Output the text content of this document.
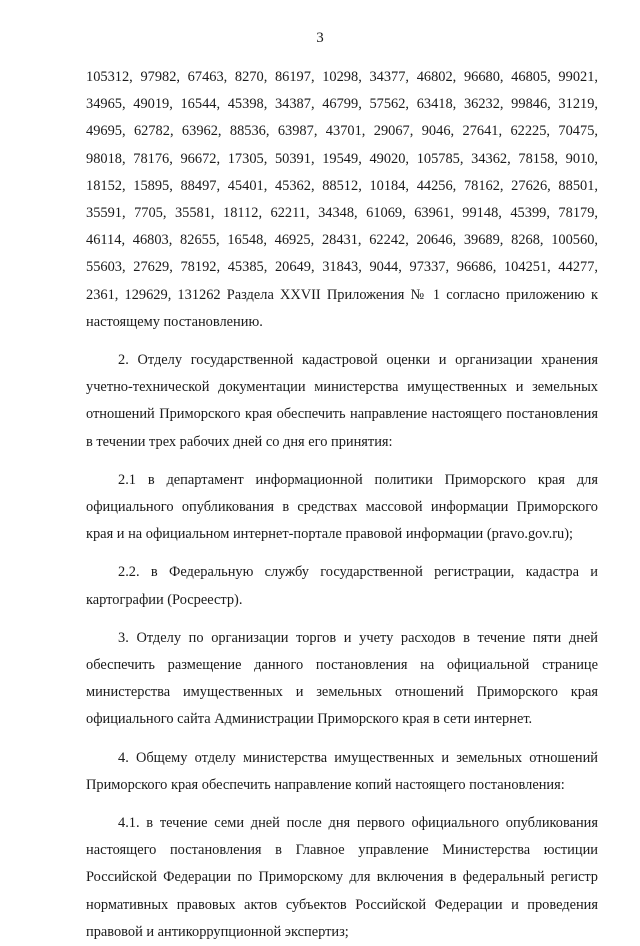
3
105312, 97982, 67463, 8270, 86197, 10298, 34377, 46802, 96680, 46805, 99021,
34965, 49019, 16544, 45398, 34387, 46799, 57562, 63418, 36232, 99846, 31219,
49695, 62782, 63962, 88536, 63987, 43701, 29067, 9046, 27641, 62225, 70475,
98018, 78176, 96672, 17305, 50391, 19549, 49020, 105785, 34362, 78158, 9010,
18152, 15895, 88497, 45401, 45362, 88512, 10184, 44256, 78162, 27626, 88501,
35591, 7705, 35581, 18112, 62211, 34348, 61069, 63961, 99148, 45399, 78179,
46114, 46803, 82655, 16548, 46925, 28431, 62242, 20646, 39689, 8268, 100560,
55603, 27629, 78192, 45385, 20649, 31843, 9044, 97337, 96686, 104251, 44277,

2361, 129629, 131262 Раздела XXVII Приложения № 1 согласно приложению к настоящему постановлению.

2. Отделу государственной кадастровой оценки и организации хранения учетно-технической документации министерства имущественных и земельных отношений Приморского края обеспечить направление настоящего постановления в течении трех рабочих дней со дня его принятия:

2.1 в департамент информационной политики Приморского края для официального опубликования в средствах массовой информации Приморского края и на официальном интернет-портале правовой информации (pravo.gov.ru);

2.2. в Федеральную службу государственной регистрации, кадастра и картографии (Росреестр).

3. Отделу по организации торгов и учету расходов в течение пяти дней обеспечить размещение данного постановления на официальной странице министерства имущественных и земельных отношений Приморского края официального сайта Администрации Приморского края в сети интернет.

4. Общему отделу министерства имущественных и земельных отношений Приморского края обеспечить направление копий настоящего постановления:

4.1. в течение семи дней после дня первого официального опубликования настоящего постановления в Главное управление Министерства юстиции Российской Федерации по Приморскому для включения в федеральный регистр нормативных правовых актов субъектов Российской Федерации и проведения правовой и антикоррупционной экспертиз;
